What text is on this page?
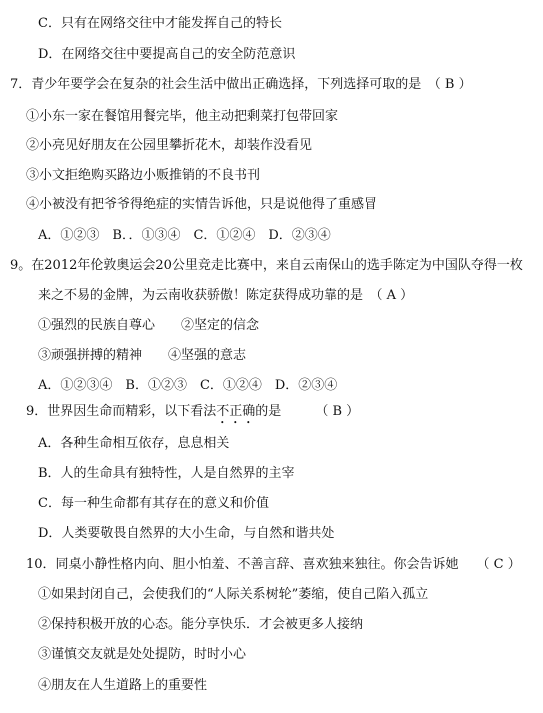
C．只有在网络交往中才能发挥自己的特长
D．在网络交往中要提高自己的安全防范意识
7．青少年要学会在复杂的社会生活中做出正确选择，下列选择可取的是　（ B ）
①小东一家在餐馆用餐完毕，他主动把剩菜打包带回家
②小亮见好朋友在公园里攀折花木，却装作没看见
③小文拒绝购买路边小贩推销的不良书刊
④小被没有把爷爷得绝症的实情告诉他，只是说他得了重感冒
A．①②③　B．．①③④　C．①②④　D．②③④
9。在2012年伦敦奥运会20公里竞走比赛中，来自云南保山的选手陈定为中国队夺得一枚
来之不易的金牌，为云南收获骄傲！陈定获得成功靠的是　（ A ）
①强烈的民族自尊心　　②坚定的信念
③顽强拼搏的精神　　④坚强的意志
A．①②③④　B．①②③　C．①②④　D．②③④
9．世界因生命而精彩，以下看法不正确的是	（ B ）
A．各种生命相互依存，息息相关
B．人的生命具有独特性，人是自然界的主宰
C．每一种生命都有其存在的意义和价值
D．人类要敬畏自然界的大小生命，与自然和谐共处
10．同桌小静性格内向、胆小怕羞、不善言辞、喜欢独来独往。你会告诉她 （ C ）
①如果封闭自己，会使我们的“人际关系树轮”萎缩，使自己陷入孤立
②保持积极开放的心态。能分享快乐．才会被更多人接纳
③谨慎交友就是处处提防，时时小心
④朋友在人生道路上的重要性
